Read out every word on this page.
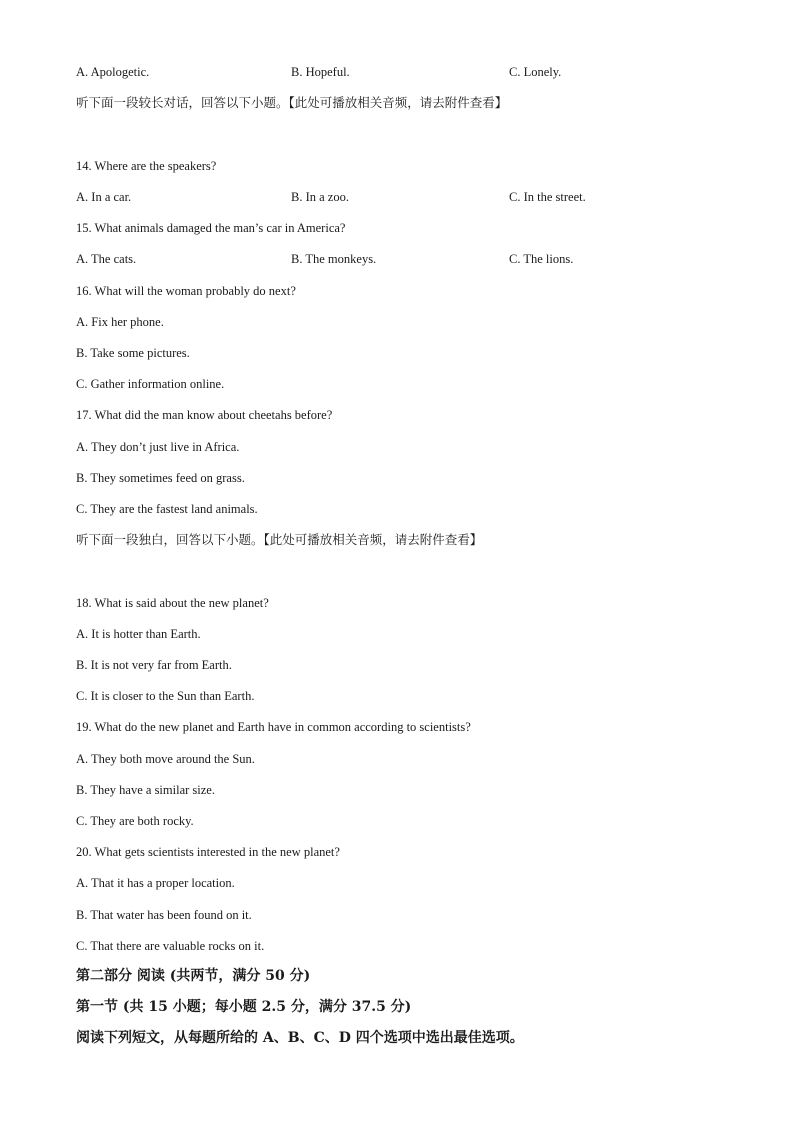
A. Apologetic.	B. Hopeful.	C. Lonely.
听下面一段较长对话，回答以下小题。【此处可播放相关音频，请去附件查看】
14. Where are the speakers?
A. In a car.	B. In a zoo.	C. In the street.
15. What animals damaged the man’s car in America?
A. The cats.	B. The monkeys.	C. The lions.
16. What will the woman probably do next?
A. Fix her phone.
B. Take some pictures.
C. Gather information online.
17. What did the man know about cheetahs before?
A. They don’t just live in Africa.
B. They sometimes feed on grass.
C. They are the fastest land animals.
听下面一段独白，回答以下小题。【此处可播放相关音频，请去附件查看】
18. What is said about the new planet?
A. It is hotter than Earth.
B. It is not very far from Earth.
C. It is closer to the Sun than Earth.
19. What do the new planet and Earth have in common according to scientists?
A. They both move around the Sun.
B. They have a similar size.
C. They are both rocky.
20. What gets scientists interested in the new planet?
A. That it has a proper location.
B. That water has been found on it.
C. That there are valuable rocks on it.
第二部分 阅读 (共两节，满分 50 分)
第一节 (共 15 小题；每小题 2.5 分，满分 37.5 分)
阅读下列短文，从每题所给的 A、B、C、D 四个选项中选出最佳选项。
